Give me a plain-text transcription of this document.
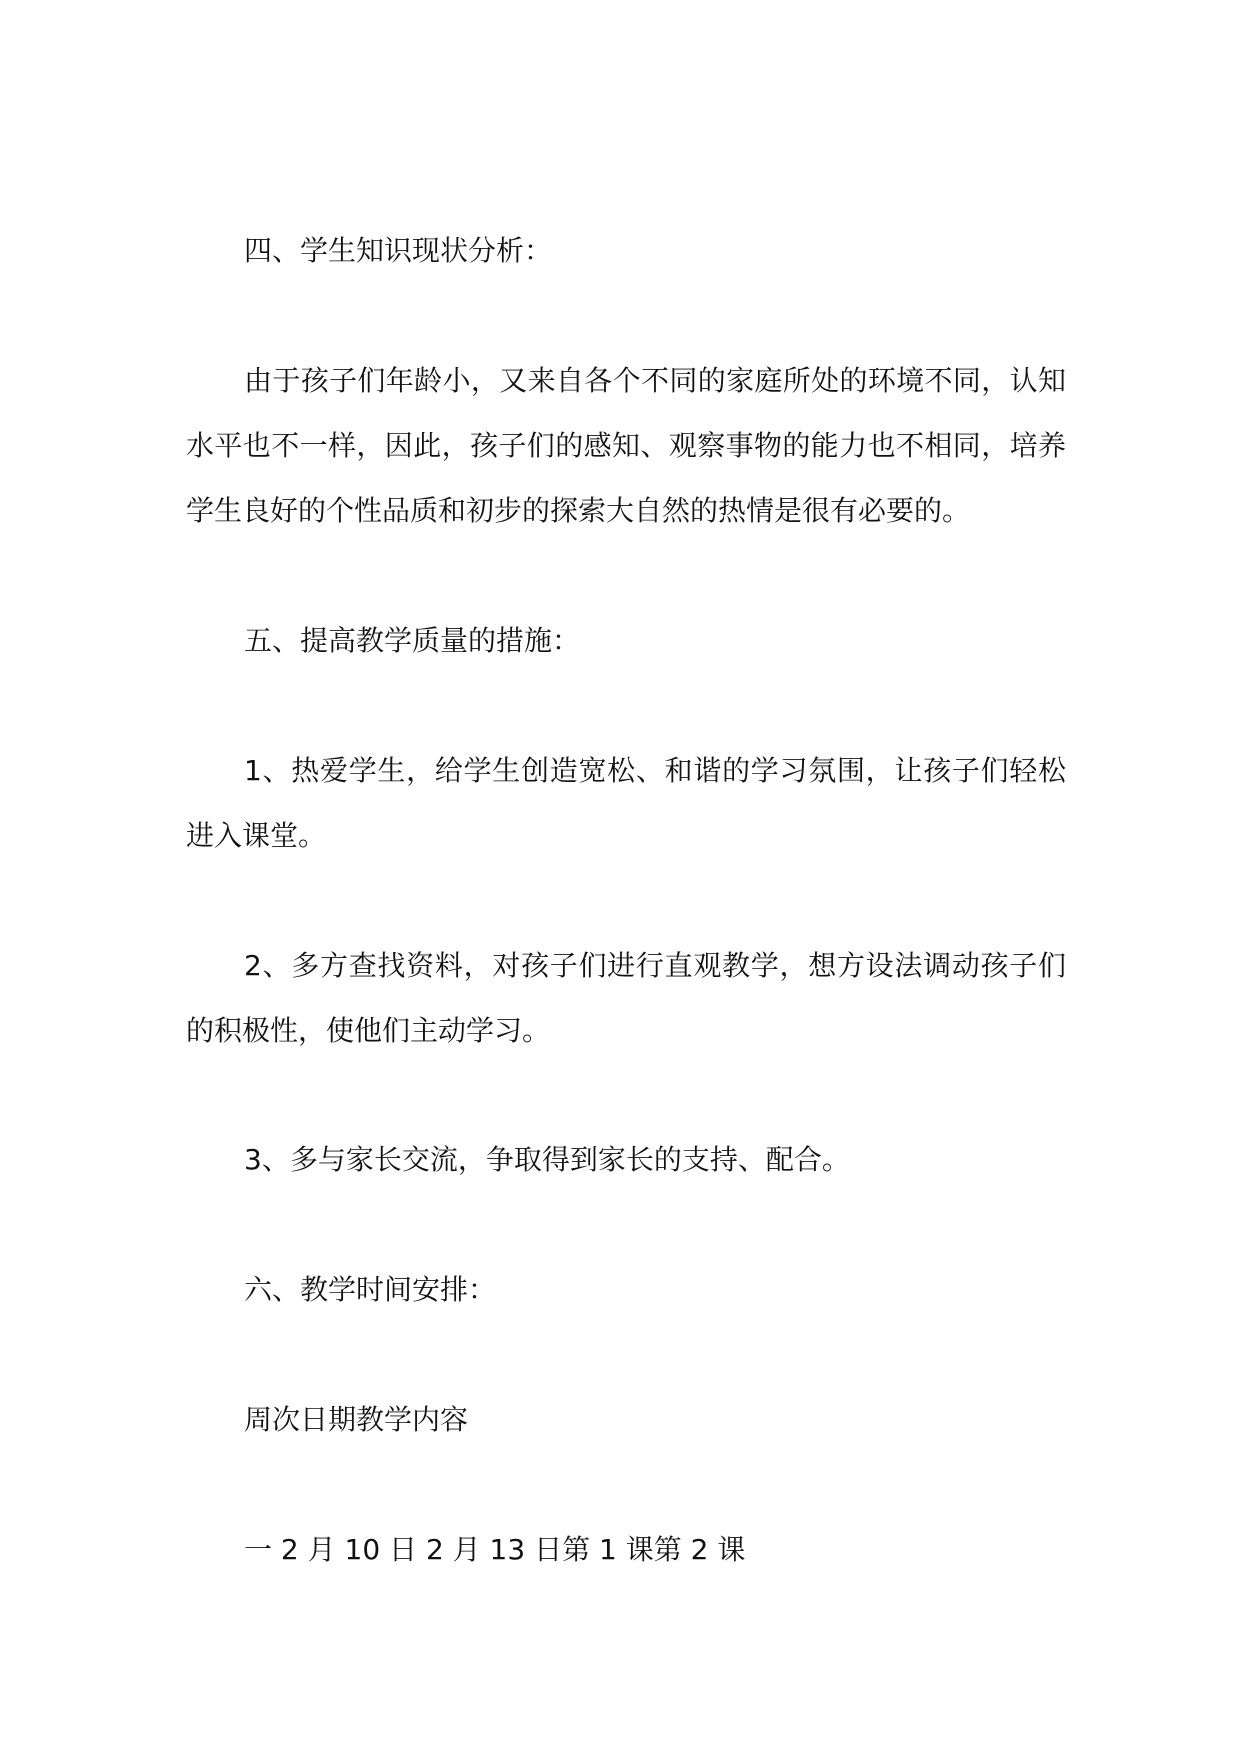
四、学生知识现状分析：

由于孩子们年龄小，又来自各个不同的家庭所处的环境不同，认知水平也不一样，因此，孩子们的感知、观察事物的能力也不相同，培养学生良好的个性品质和初步的探索大自然的热情是很有必要的。

五、提高教学质量的措施：

1、热爱学生，给学生创造宽松、和谐的学习氛围，让孩子们轻松进入课堂。

2、多方查找资料，对孩子们进行直观教学，想方设法调动孩子们的积极性，使他们主动学习。

3、多与家长交流，争取得到家长的支持、配合。

六、教学时间安排：

周次日期教学内容

一 2 月 10 日 2 月 13 日第 1 课第 2 课
